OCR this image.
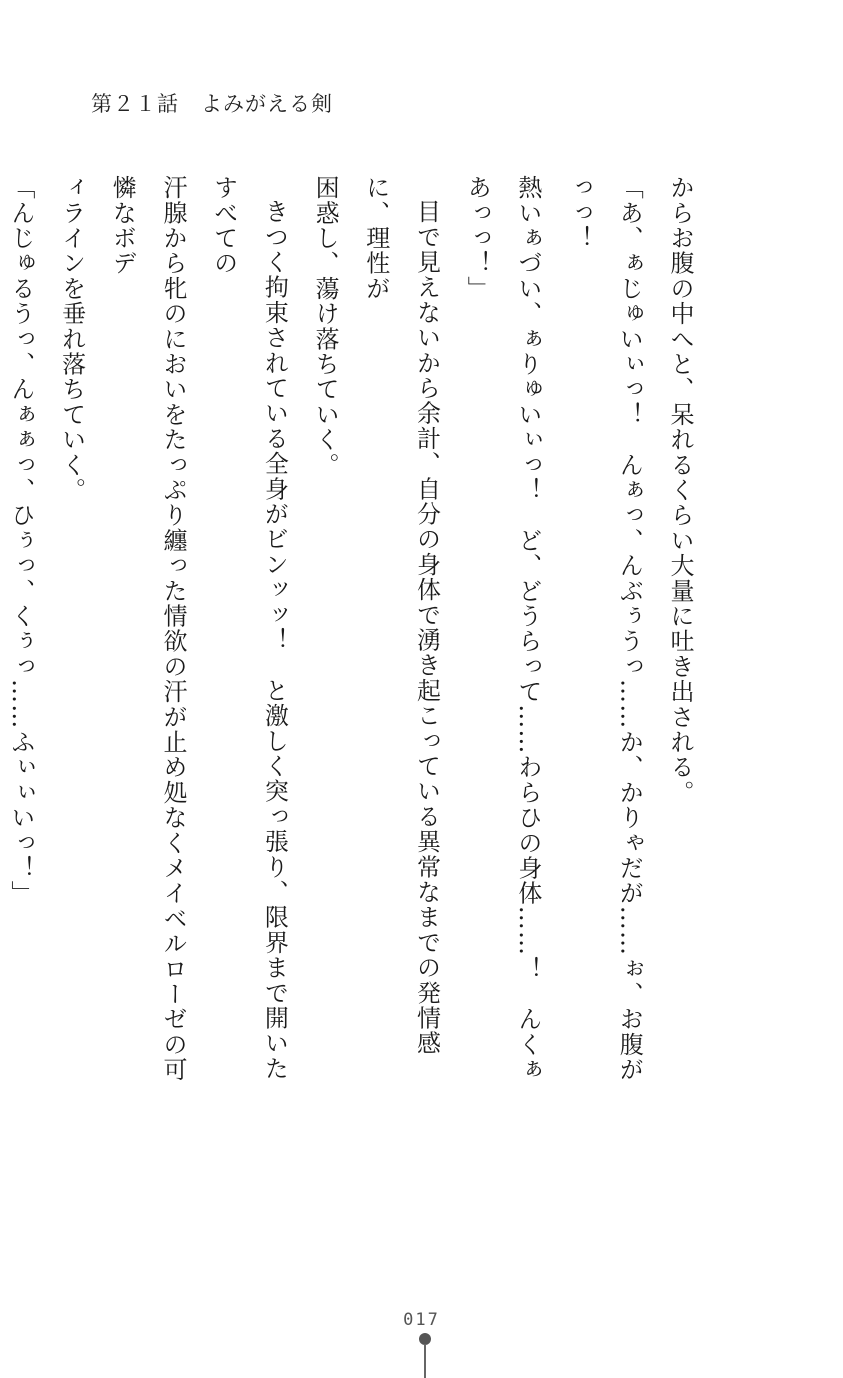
第２１話　よみがえる剣

からお腹の中へと、呆れるくらい大量に吐き出される。

「あ、ぁじゅいぃっ！　んぁっ、んぶぅうっ……か、かりゃだが……ぉ、お腹がっっ！
熱いぁづい、ぁりゅいぃっ！　ど、どうらって……わらひの身体……！　んくぁあっっ！」

目で見えないから余計、自分の身体で湧き起こっている異常なまでの発情感に、理性が
困惑し、蕩け落ちていく。

きつく拘束されている全身がビンッッ！　と激しく突っ張り、限界まで開いたすべての
汗腺から牝のにおいをたっぷり纏った情欲の汗が止め処なくメイベルローゼの可憐なボデ
ィラインを垂れ落ちていく。

「んじゅるうっ、んぁぁっ、ひぅっ、くぅっ……ふぃぃいっ！」

017
